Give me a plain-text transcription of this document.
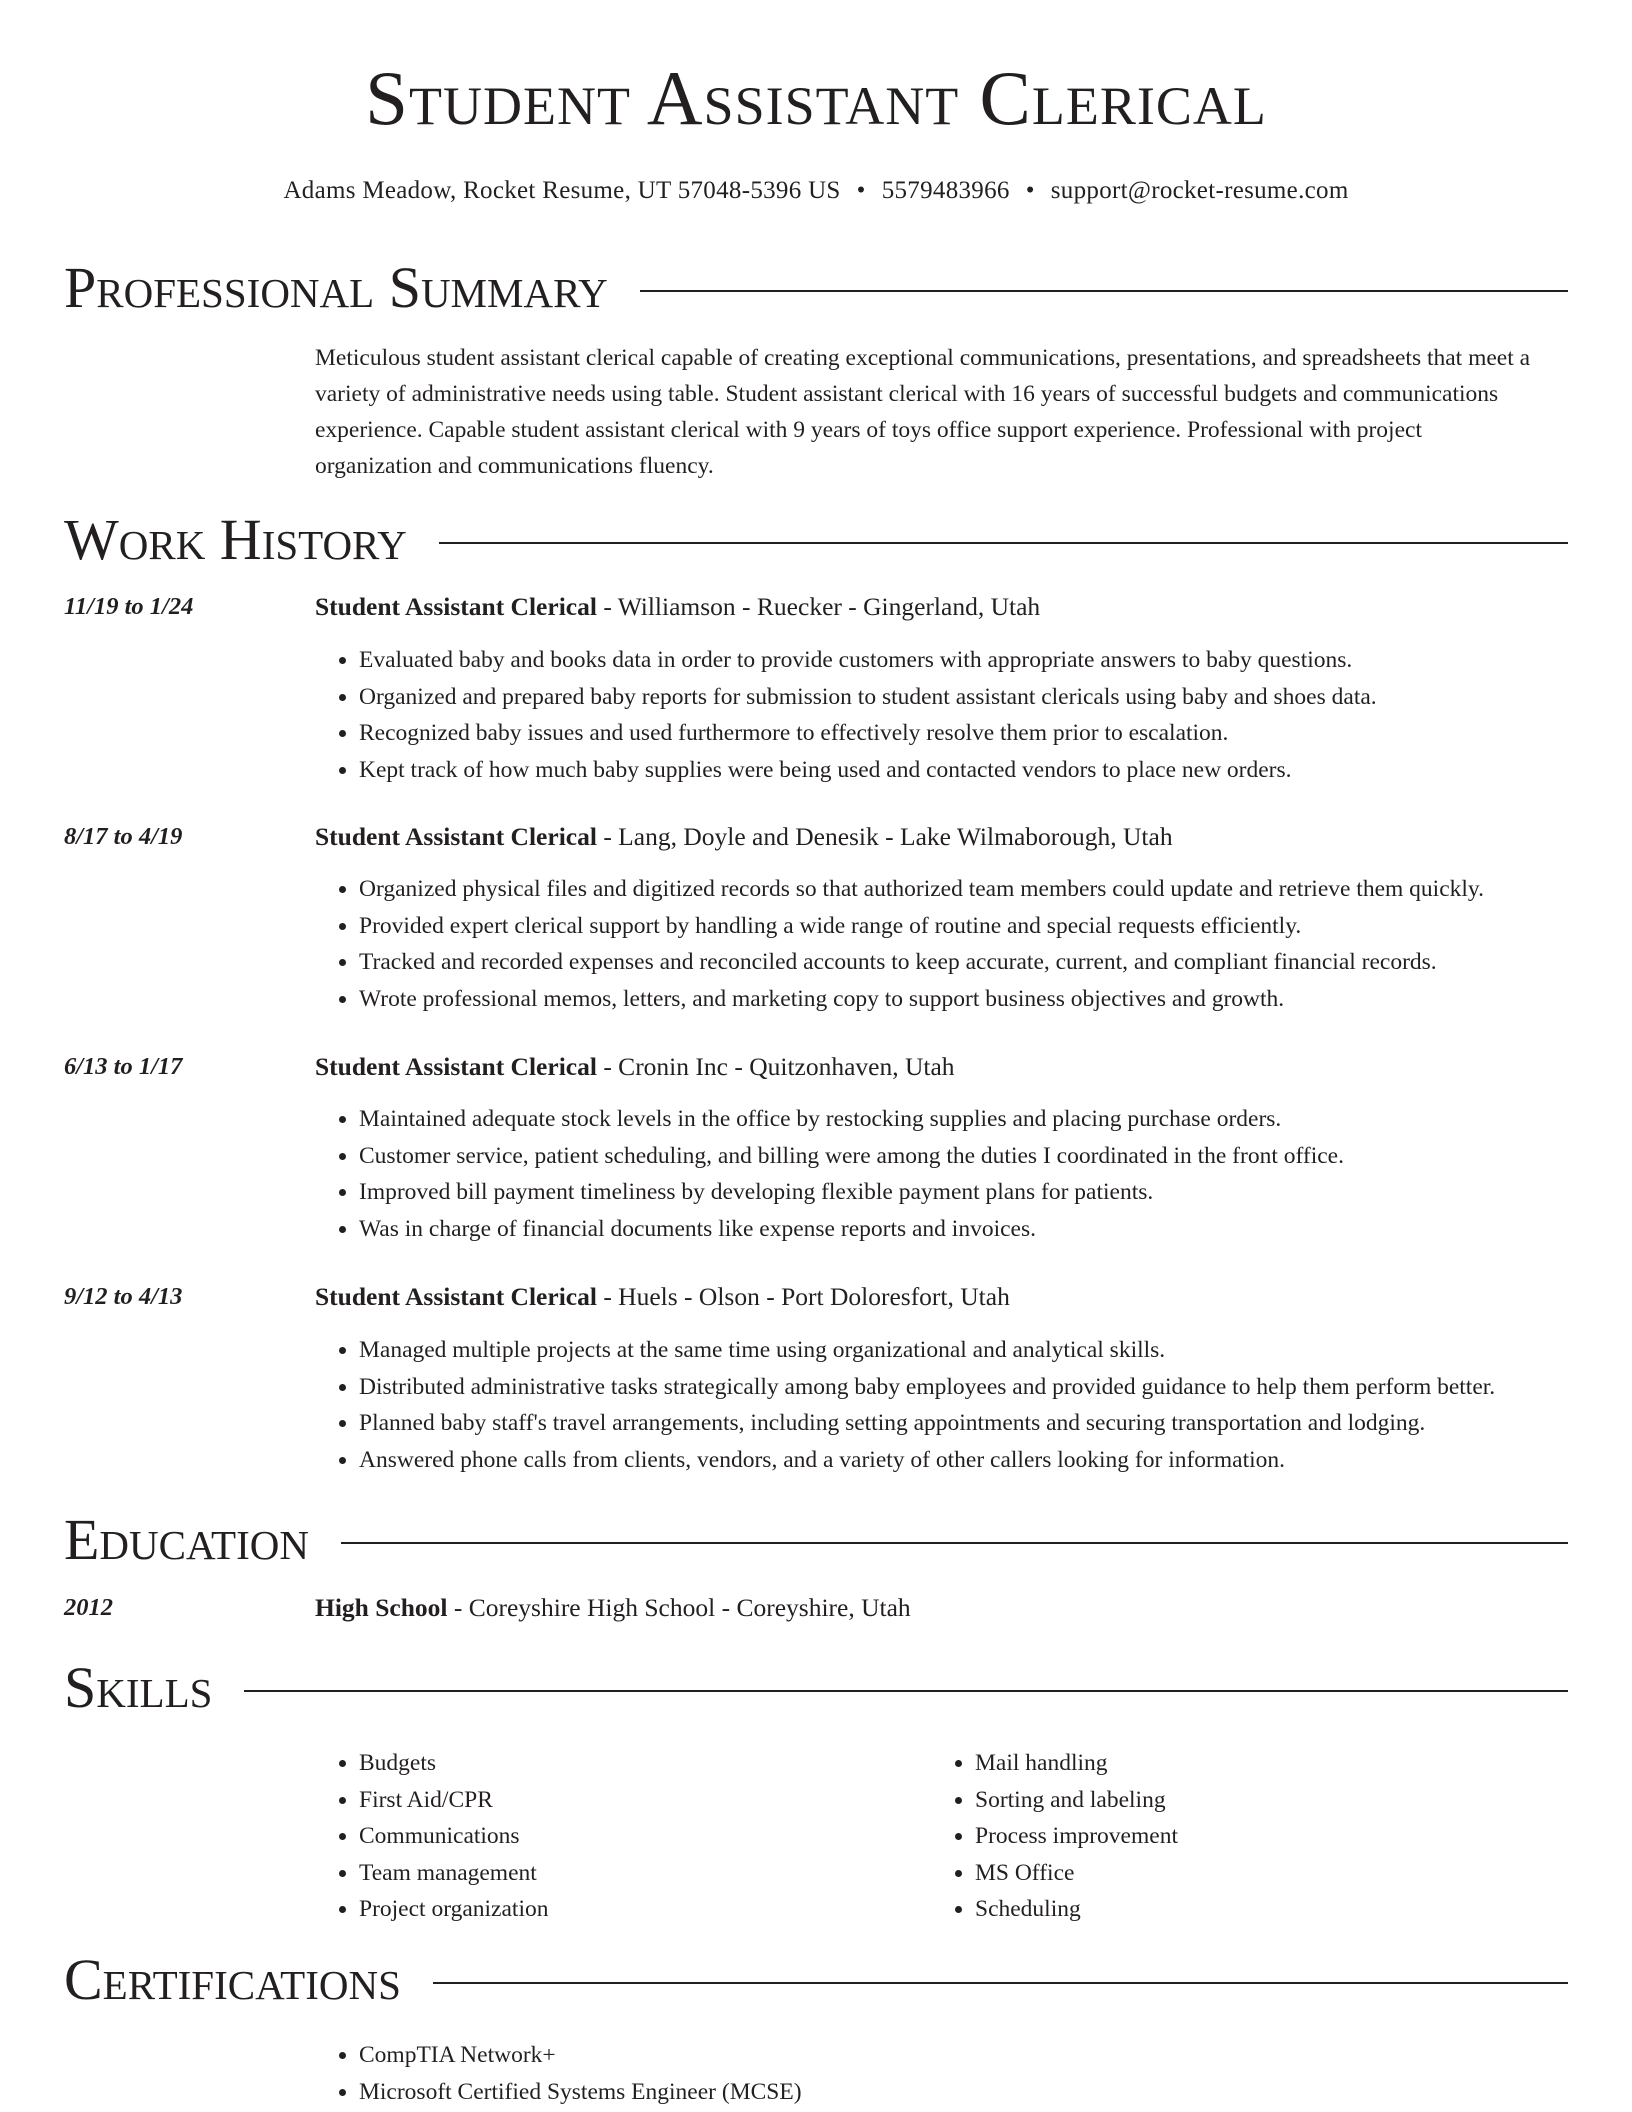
Student Assistant Clerical
Adams Meadow, Rocket Resume, UT 57048-5396 US • 5579483966 • support@rocket-resume.com
Professional Summary

Meticulous student assistant clerical capable of creating exceptional communications, presentations, and spreadsheets that meet a variety of administrative needs using table. Student assistant clerical with 16 years of successful budgets and communications experience. Capable student assistant clerical with 9 years of toys office support experience. Professional with project organization and communications fluency.

Work History
11/19 to 1/24	Student Assistant Clerical - Williamson - Ruecker - Gingerland, Utah
• Evaluated baby and books data in order to provide customers with appropriate answers to baby questions.
• Organized and prepared baby reports for submission to student assistant clericals using baby and shoes data.
• Recognized baby issues and used furthermore to effectively resolve them prior to escalation.
• Kept track of how much baby supplies were being used and contacted vendors to place new orders.
8/17 to 4/19	Student Assistant Clerical - Lang, Doyle and Denesik - Lake Wilmaborough, Utah
• Organized physical files and digitized records so that authorized team members could update and retrieve them quickly.
• Provided expert clerical support by handling a wide range of routine and special requests efficiently.
• Tracked and recorded expenses and reconciled accounts to keep accurate, current, and compliant financial records.
• Wrote professional memos, letters, and marketing copy to support business objectives and growth.
6/13 to 1/17	Student Assistant Clerical - Cronin Inc - Quitzonhaven, Utah
• Maintained adequate stock levels in the office by restocking supplies and placing purchase orders.
• Customer service, patient scheduling, and billing were among the duties I coordinated in the front office.
• Improved bill payment timeliness by developing flexible payment plans for patients.
• Was in charge of financial documents like expense reports and invoices.
9/12 to 4/13	Student Assistant Clerical - Huels - Olson - Port Doloresfort, Utah
• Managed multiple projects at the same time using organizational and analytical skills.
• Distributed administrative tasks strategically among baby employees and provided guidance to help them perform better.
• Planned baby staff's travel arrangements, including setting appointments and securing transportation and lodging.
• Answered phone calls from clients, vendors, and a variety of other callers looking for information.
Education
2012	High School - Coreyshire High School - Coreyshire, Utah
Skills
• Budgets
• First Aid/CPR
• Communications
• Team management
• Project organization
• Mail handling
• Sorting and labeling
• Process improvement
• MS Office
• Scheduling
Certifications
• CompTIA Network+
• Microsoft Certified Systems Engineer (MCSE)
